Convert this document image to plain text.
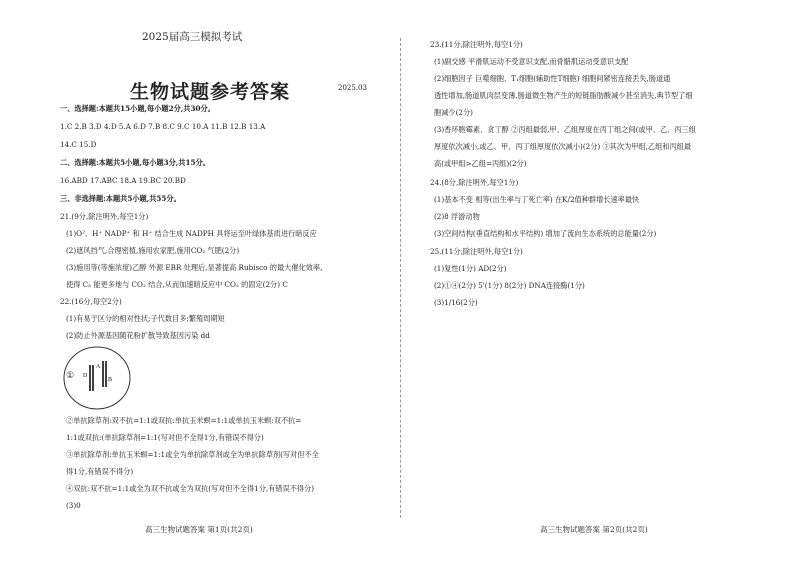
2025届高三模拟考试
生物试题参考答案	2025.03
一、选择题:本题共15小题,每小题2分,共30分。
1.C 2.B 3.D 4.D 5.A 6.D 7.B 8.C 9.C 10.A 11.B 12.B 13.A
14.C 15.D
二、选择题:本题共5小题,每小题3分,共15分。
16.ABD 17.ABC 18.A 19.BC 20.BD
三、非选择题:本题共5小题,共55分。
21.(9分,除注明外,每空1分)
(1)O²、H⁺ NADP⁺ 和 H⁺ 结合生成 NADPH 具将运至叶绿体基质进行暗反应
(2)遮风挡气,合理密植,施用农家肥,施用CO₂ 气肥(2分)
(3)施用等(等施浓度)乙醇 外源 EBR 处理后,显著提高 Rubisco 的最大催化效率,
使得 C₅ 能更多地与 CO₂ 结合,从而加速暗反应中 CO₂ 的固定(2分) C
22.(16分,每空2分)
(1)有易于区分的相对性状;子代数目多;繁殖周期短
(2)防止外源基因随花粉扩散导致基因污染 dd
①
A
D
B
②单抗除草剂:双不抗=1:1或双抗:单抗玉米螟=1:1或单抗玉米螟:双不抗=
1:1或双抗:(单抗除草剂=1:1(写对但不全得1分,有错误不得分)
③单抗除草剂:单抗玉米螟=1:1或全为单抗除草剂或全为单抗除草剂(写对但不全
得1分,有错误不得分)
④双抗:双不抗=1:1或全为双不抗或全为双抗(写对但不全得1分,有错误不得分)
(3)0
高三生物试题答案 第1页(共2页)
23.(11分,除注明外,每空1分)
(1)副交感 平滑肌运动不受意识支配,而骨骼肌运动受意识支配
(2)细胞因子 巨噬细胞、T₁细胞(辅助性T细胞) 细胞间紧密连接丢失,肠道通
透性增加,肠道肌肉层变薄,肠道微生物产生的短链脂肪酸减少甚至消失,典节型了细
胞减少(2分)
(3)香环胞霉素、贪丁醇 ②丙组最弱,甲、乙组厚度在丙丁组之间(或甲、乙、丙三组
厚度依次减小,或乙、甲、丙丁组厚度依次减小)(2分) ③其次为甲组,乙组和丙组最
高(或甲组>乙组=丙组)(2分)
24.(8分,除注明外,每空1分)
(1)基本不变 相等(出生率与丁死亡率) 在K/2值种群增长速率最快
(2)8 浮游动物
(3)空间结构(垂直结构和水平结构) 增加了流向生态系统的总能量(2分)
25.(11分,除注明外,每空1分)
(1)复性(1分) AD(2分)
(2)①④(2分) 5'(1分) 8(2分) DNA连接酶(1分)
(3)1/16(2分)
高三生物试题答案 第2页(共2页)
